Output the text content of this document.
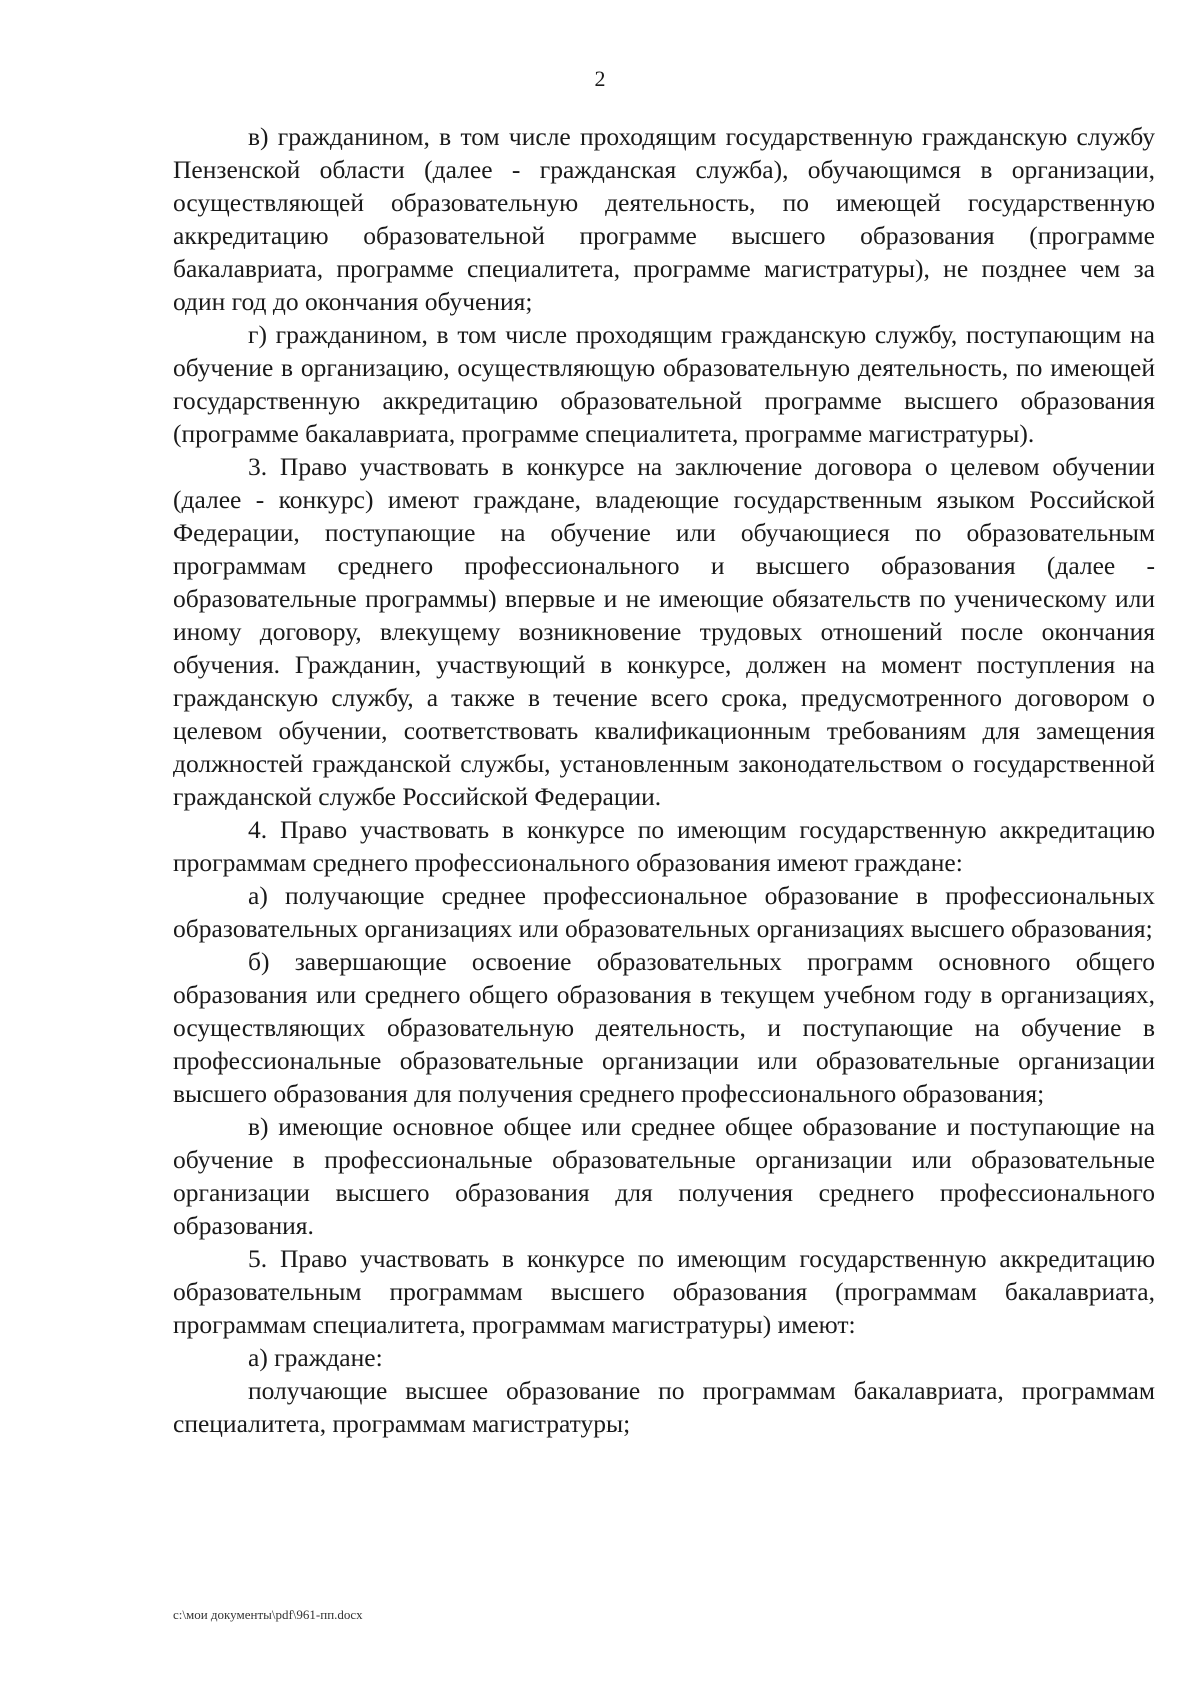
2

в) гражданином, в том числе проходящим государственную гражданскую службу Пензенской области (далее - гражданская служба), обучающимся в организации, осуществляющей образовательную деятельность, по имеющей государственную аккредитацию образовательной программе высшего образования (программе бакалавриата, программе специалитета, программе магистратуры), не позднее чем за один год до окончания обучения;

г) гражданином, в том числе проходящим гражданскую службу, поступающим на обучение в организацию, осуществляющую образовательную деятельность, по имеющей государственную аккредитацию образовательной программе высшего образования (программе бакалавриата, программе специалитета, программе магистратуры).

3. Право участвовать в конкурсе на заключение договора о целевом обучении (далее - конкурс) имеют граждане, владеющие государственным языком Российской Федерации, поступающие на обучение или обучающиеся по образовательным программам среднего профессионального и высшего образования (далее - образовательные программы) впервые и не имеющие обязательств по ученическому или иному договору, влекущему возникновение трудовых отношений после окончания обучения. Гражданин, участвующий в конкурсе, должен на момент поступления на гражданскую службу, а также в течение всего срока, предусмотренного договором о целевом обучении, соответствовать квалификационным требованиям для замещения должностей гражданской службы, установленным законодательством о государственной гражданской службе Российской Федерации.

4. Право участвовать в конкурсе по имеющим государственную аккредитацию программам среднего профессионального образования имеют граждане:

а) получающие среднее профессиональное образование в профессиональных образовательных организациях или образовательных организациях высшего образования;

б) завершающие освоение образовательных программ основного общего образования или среднего общего образования в текущем учебном году в организациях, осуществляющих образовательную деятельность, и поступающие на обучение в профессиональные образовательные организации или образовательные организации высшего образования для получения среднего профессионального образования;

в) имеющие основное общее или среднее общее образование и поступающие на обучение в профессиональные образовательные организации или образовательные организации высшего образования для получения среднего профессионального образования.

5. Право участвовать в конкурсе по имеющим государственную аккредитацию образовательным программам высшего образования (программам бакалавриата, программам специалитета, программам магистратуры) имеют:

а) граждане:

получающие высшее образование по программам бакалавриата, программам специалитета, программам магистратуры;

c:\мои документы\pdf\961-пп.docx
